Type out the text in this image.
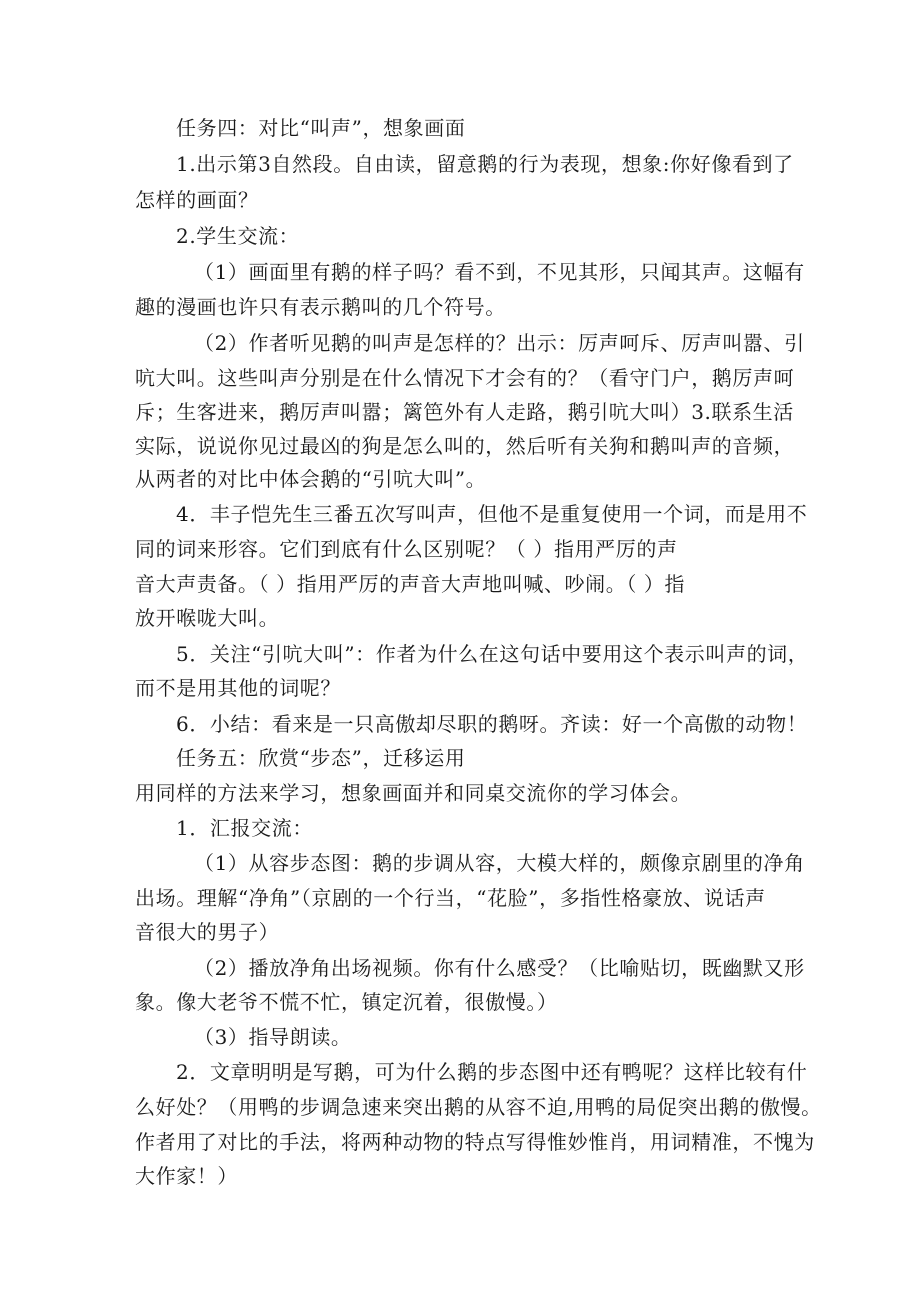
任务四：对比“叫声”，想象画面
1.出示第3自然段。自由读，留意鹅的行为表现，想象:你好像看到了
怎样的画面？
2.学生交流：
（1）画面里有鹅的样子吗？看不到，不见其形，只闻其声。这幅有
趣的漫画也许只有表示鹅叫的几个符号。
（2）作者听见鹅的叫声是怎样的？出示：厉声呵斥、厉声叫嚣、引
吭大叫。这些叫声分别是在什么情况下才会有的？（看守门户，鹅厉声呵
斥；生客进来，鹅厉声叫嚣；篱笆外有人走路，鹅引吭大叫）3.联系生活
实际，说说你见过最凶的狗是怎么叫的，然后听有关狗和鹅叫声的音频，
从两者的对比中体会鹅的“引吭大叫”。
4．丰子恺先生三番五次写叫声，但他不是重复使用一个词，而是用不
同的词来形容。它们到底有什么区别呢？（ ）指用严厉的声
音大声责备。（ ）指用严厉的声音大声地叫喊、吵闹。（ ）指
放开喉咙大叫。
5．关注“引吭大叫”：作者为什么在这句话中要用这个表示叫声的词，
而不是用其他的词呢？
6．小结：看来是一只高傲却尽职的鹅呀。齐读：好一个高傲的动物！
任务五：欣赏“步态”，迁移运用
用同样的方法来学习，想象画面并和同桌交流你的学习体会。
1．汇报交流：
（1）从容步态图：鹅的步调从容，大模大样的，颇像京剧里的净角
出场。理解“净角”（京剧的一个行当，“花脸”，多指性格豪放、说话声
音很大的男子）
（2）播放净角出场视频。你有什么感受？（比喻贴切，既幽默又形
象。像大老爷不慌不忙，镇定沉着，很傲慢。）
（3）指导朗读。
2．文章明明是写鹅，可为什么鹅的步态图中还有鸭呢？这样比较有什
么好处？（用鸭的步调急速来突出鹅的从容不迫,用鸭的局促突出鹅的傲慢。
作者用了对比的手法，将两种动物的特点写得惟妙惟肖，用词精准，不愧为
大作家！）
